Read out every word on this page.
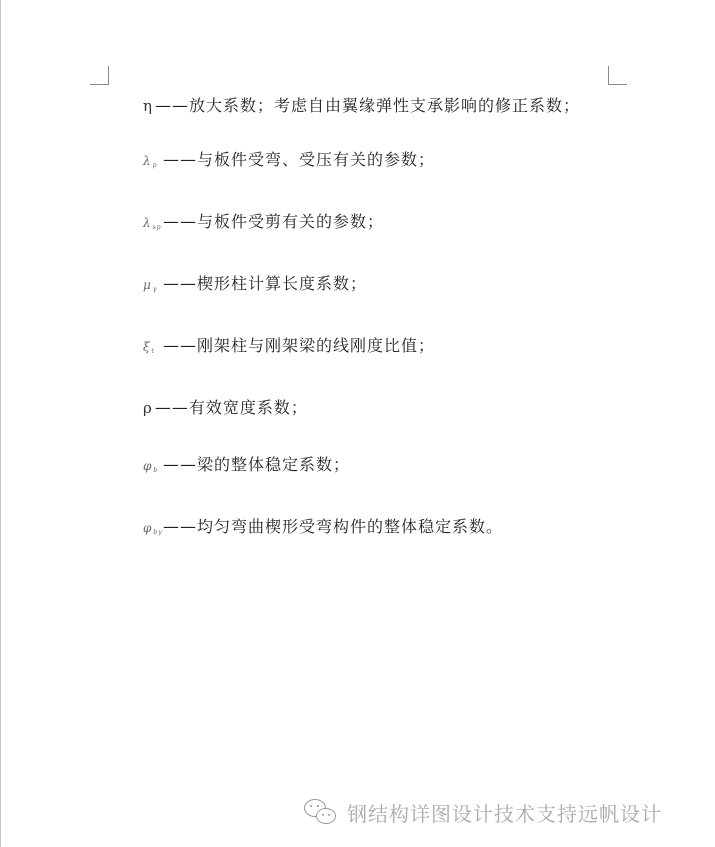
η ——放大系数；考虑自由翼缘弹性支承影响的修正系数；

$\lambda_p$ ——与板件受弯、受压有关的参数；

$\lambda_{sp}——$与板件受剪有关的参数；

$\mu_\gamma$ ——楔形柱计算长度系数；

$\xi_t$ ——刚架柱与刚架梁的线刚度比值；

ρ ——有效宽度系数；

$\varphi_b$ ——梁的整体稳定系数；

$\varphi_{b\gamma}——$均匀弯曲楔形受弯构件的整体稳定系数。

钢结构详图设计技术支持远帆设计
